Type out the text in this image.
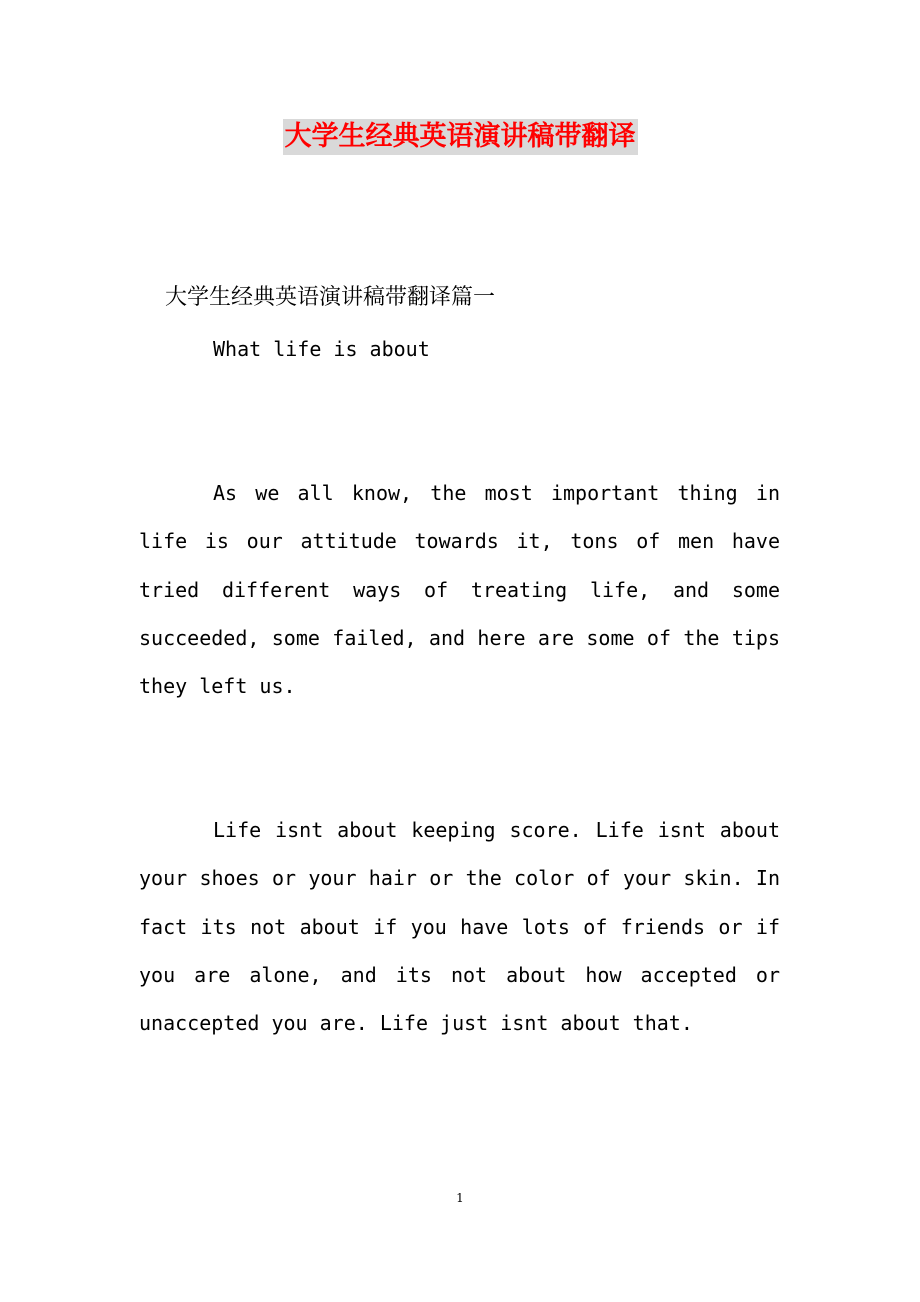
大学生经典英语演讲稿带翻译
大学生经典英语演讲稿带翻译篇一

What life is about

As we all know, the most important thing in life is our attitude towards it, tons of men have tried different ways of treating life, and some succeeded, some failed, and here are some of the tips they left us.

Life isnt about keeping score. Life isnt about your shoes or your hair or the color of your skin. In fact its not about if you have lots of friends or if you are alone, and its not about how accepted or unaccepted you are. Life just isnt about that.

1
